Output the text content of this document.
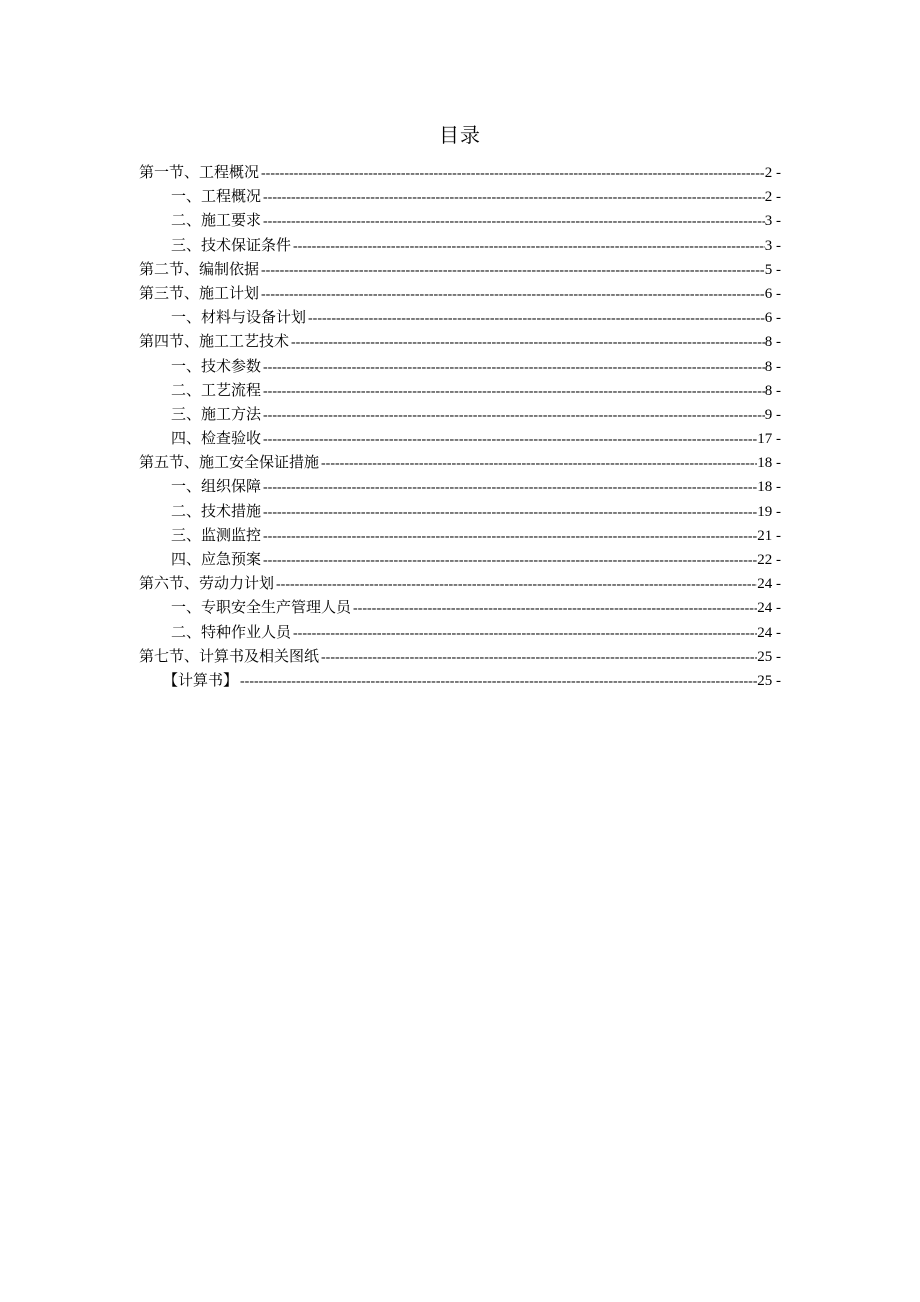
目录
第一节、工程概况 -----	2 -
一、工程概况 -----	2 -
二、施工要求 -----	3 -
三、技术保证条件 -----	3 -
第二节、编制依据 -----	5 -
第三节、施工计划 -----	6 -
一、材料与设备计划 -----	6 -
第四节、施工工艺技术 -----	8 -
一、技术参数 -----	8 -
二、工艺流程 -----	8 -
三、施工方法 -----	9 -
四、检查验收 -----	17 -
第五节、施工安全保证措施 -----	18 -
一、组织保障 -----	18 -
二、技术措施 -----	19 -
三、监测监控 -----	21 -
四、应急预案 -----	22 -
第六节、劳动力计划 -----	24 -
一、专职安全生产管理人员 -----	24 -
二、特种作业人员 -----	24 -
第七节、计算书及相关图纸 -----	25 -
【计算书】 -----	25 -
